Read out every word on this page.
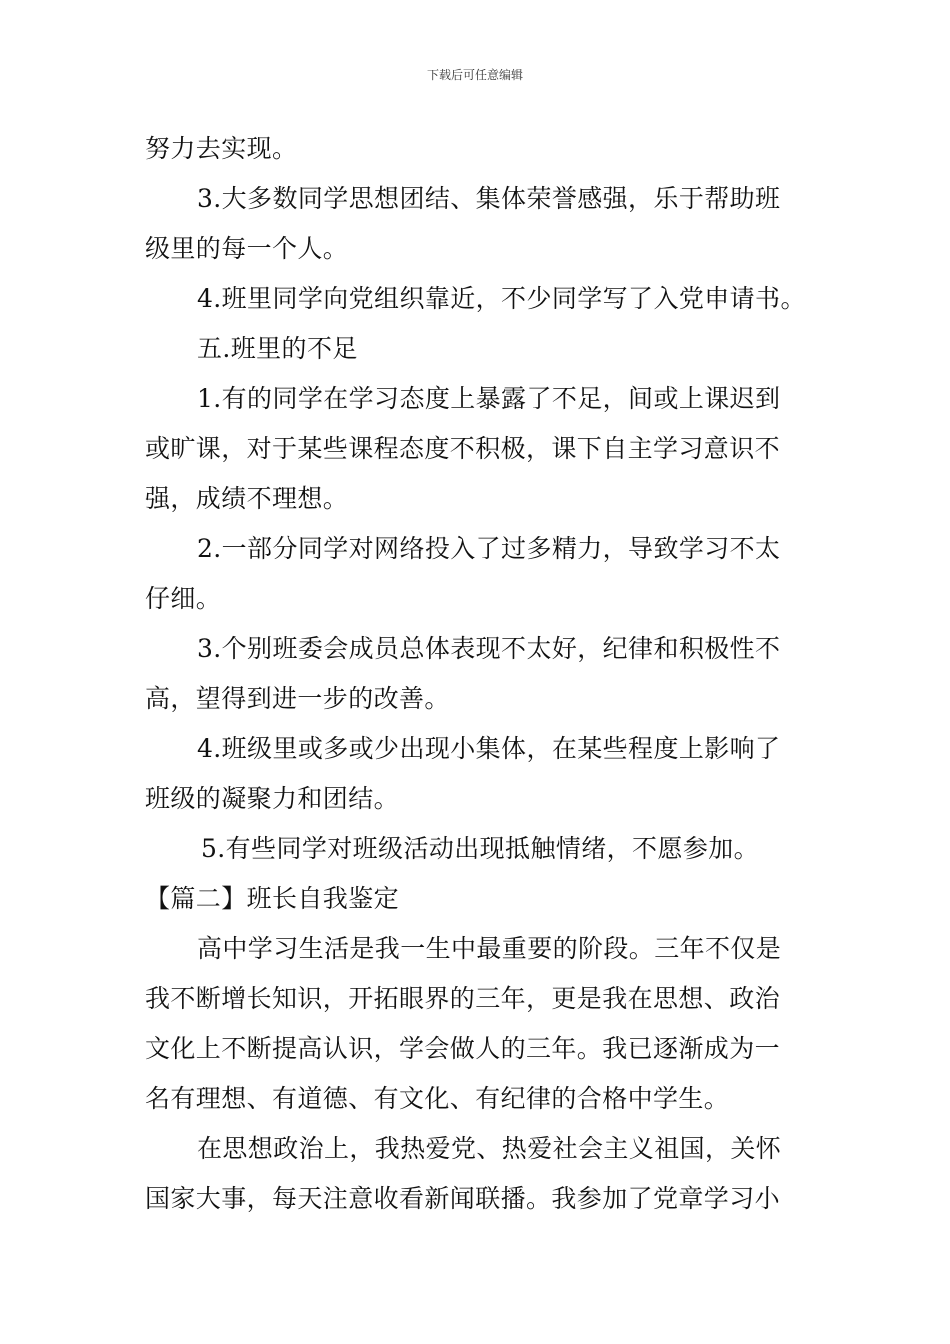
下载后可任意编辑
努力去实现。
3.大多数同学思想团结、集体荣誉感强，乐于帮助班
级里的每一个人。
4.班里同学向党组织靠近，不少同学写了入党申请书。
五.班里的不足
1.有的同学在学习态度上暴露了不足，间或上课迟到
或旷课，对于某些课程态度不积极，课下自主学习意识不
强，成绩不理想。
2.一部分同学对网络投入了过多精力，导致学习不太
仔细。
3.个别班委会成员总体表现不太好，纪律和积极性不
高，望得到进一步的改善。
4.班级里或多或少出现小集体，在某些程度上影响了
班级的凝聚力和团结。
5.有些同学对班级活动出现抵触情绪，不愿参加。
【篇二】班长自我鉴定
高中学习生活是我一生中最重要的阶段。三年不仅是
我不断增长知识，开拓眼界的三年，更是我在思想、政治
文化上不断提高认识，学会做人的三年。我已逐渐成为一
名有理想、有道德、有文化、有纪律的合格中学生。
在思想政治上，我热爱党、热爱社会主义祖国，关怀
国家大事，每天注意收看新闻联播。我参加了党章学习小
